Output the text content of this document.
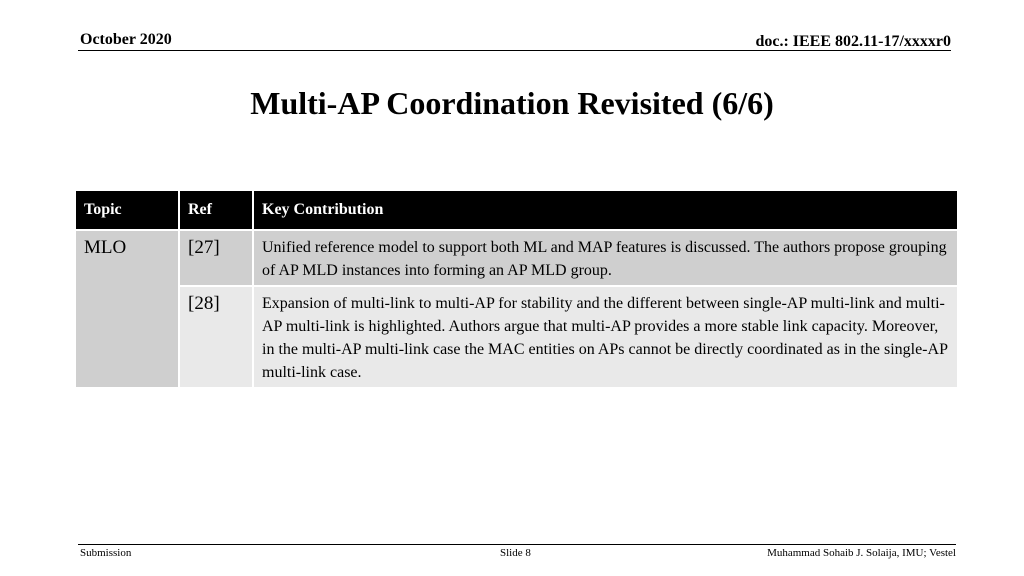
October 2020	doc.: IEEE 802.11-17/xxxxr0
Multi-AP Coordination Revisited (6/6)
Topic	Ref	Key Contribution
MLO	[27]	Unified reference model to support both ML and MAP features is discussed. The authors propose grouping of AP MLD instances into forming an AP MLD group.
	[28]	Expansion of multi-link to multi-AP for stability and the different between single-AP multi-link and multi-AP multi-link is highlighted. Authors argue that multi-AP provides a more stable link capacity. Moreover, in the multi-AP multi-link case the MAC entities on APs cannot be directly coordinated as in the single-AP multi-link case.
Submission	Slide 8	Muhammad Sohaib J. Solaija, IMU; Vestel
